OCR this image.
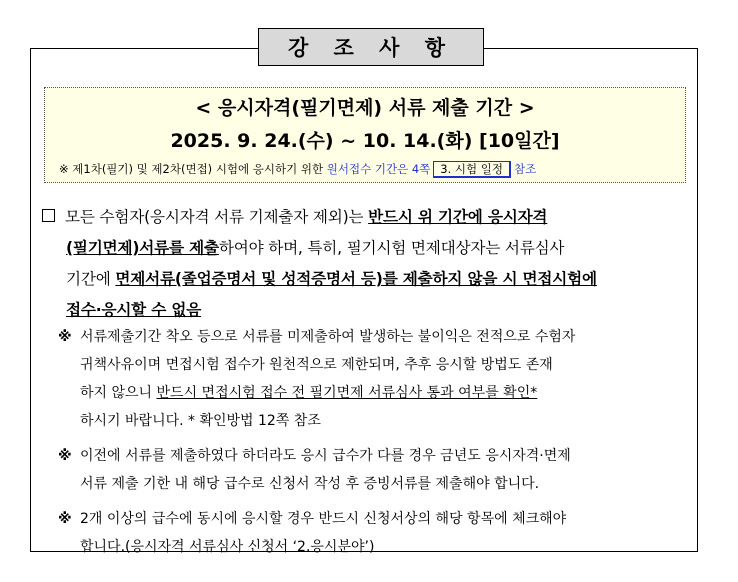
강 조 사 항
< 응시자격(필기면제) 서류 제출 기간 >
2025. 9. 24.(수) ~ 10. 14.(화) [10일간]
※ 제1차(필기) 및 제2차(면접) 시험에 응시하기 위한 원서접수 기간은 4쪽 3. 시험 일정 참조
모든 수험자(응시자격 서류 기제출자 제외)는 반드시 위 기간에 응시자격
(필기면제)서류를 제출하여야 하며, 특히, 필기시험 면제대상자는 서류심사
기간에 면제서류(졸업증명서 및 성적증명서 등)를 제출하지 않을 시 면접시험에
접수·응시할 수 없음
※ 서류제출기간 착오 등으로 서류를 미제출하여 발생하는 불이익은 전적으로 수험자
귀책사유이며 면접시험 접수가 원천적으로 제한되며, 추후 응시할 방법도 존재
하지 않으니 반드시 면접시험 접수 전 필기면제 서류심사 통과 여부를 확인*
하시기 바랍니다. * 확인방법 12쪽 참조
※ 이전에 서류를 제출하였다 하더라도 응시 급수가 다를 경우 금년도 응시자격·면제
서류 제출 기한 내 해당 급수로 신청서 작성 후 증빙서류를 제출해야 합니다.
※ 2개 이상의 급수에 동시에 응시할 경우 반드시 신청서상의 해당 항목에 체크해야
합니다.(응시자격 서류심사 신청서 ‘2.응시분야’)
